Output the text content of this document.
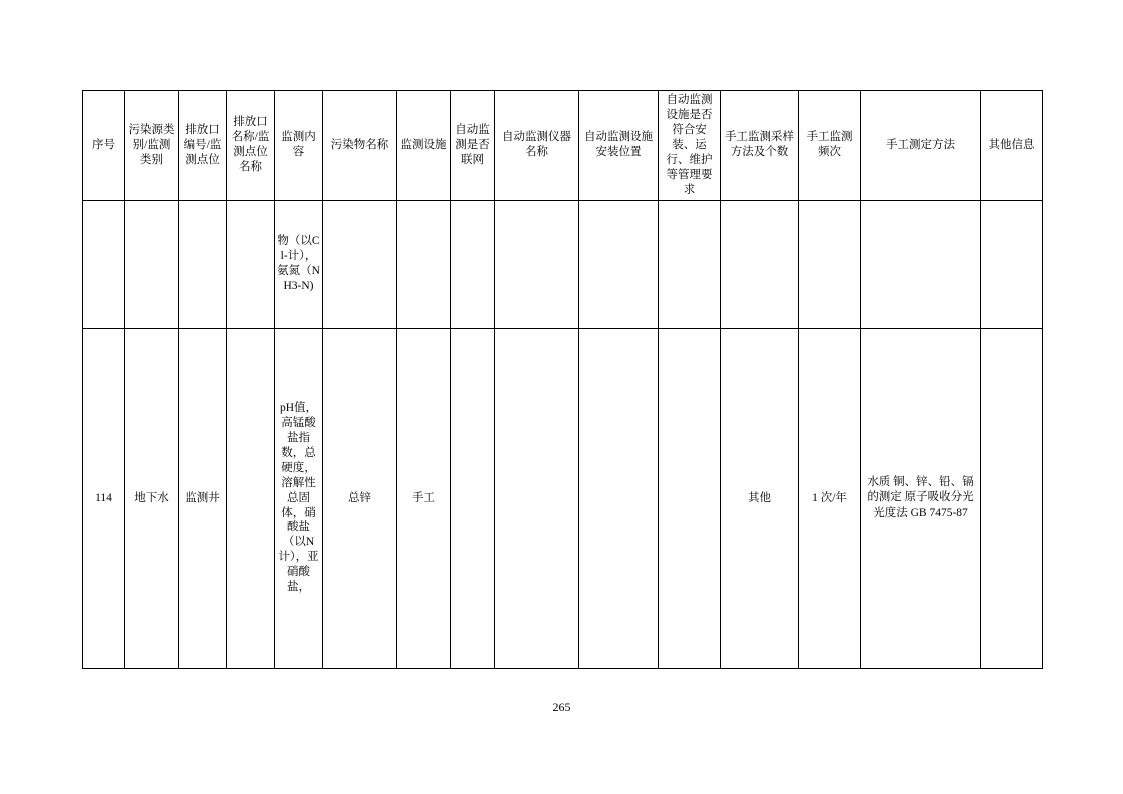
序号	污染源类别/监测类别	排放口编号/监测点位	排放口名称/监测点位名称	监测内容	污染物名称	监测设施	自动监测是否联网	自动监测仪器名称	自动监测设施安装位置	自动监测设施是否符合安装、运行、维护等管理要求	手工监测采样方法及个数	手工监测频次	手工测定方法	其他信息
				物（以Cl-计），氨氮（NH3-N)										
114	地下水	监测井		pH值，高锰酸盐指数，总硬度，溶解性总固体，硝酸盐（以N计），亚硝酸盐，	总锌	手工					其他	1 次/年	水质 铜、锌、铅、镉的测定 原子吸收分光光度法 GB 7475-87	
265
